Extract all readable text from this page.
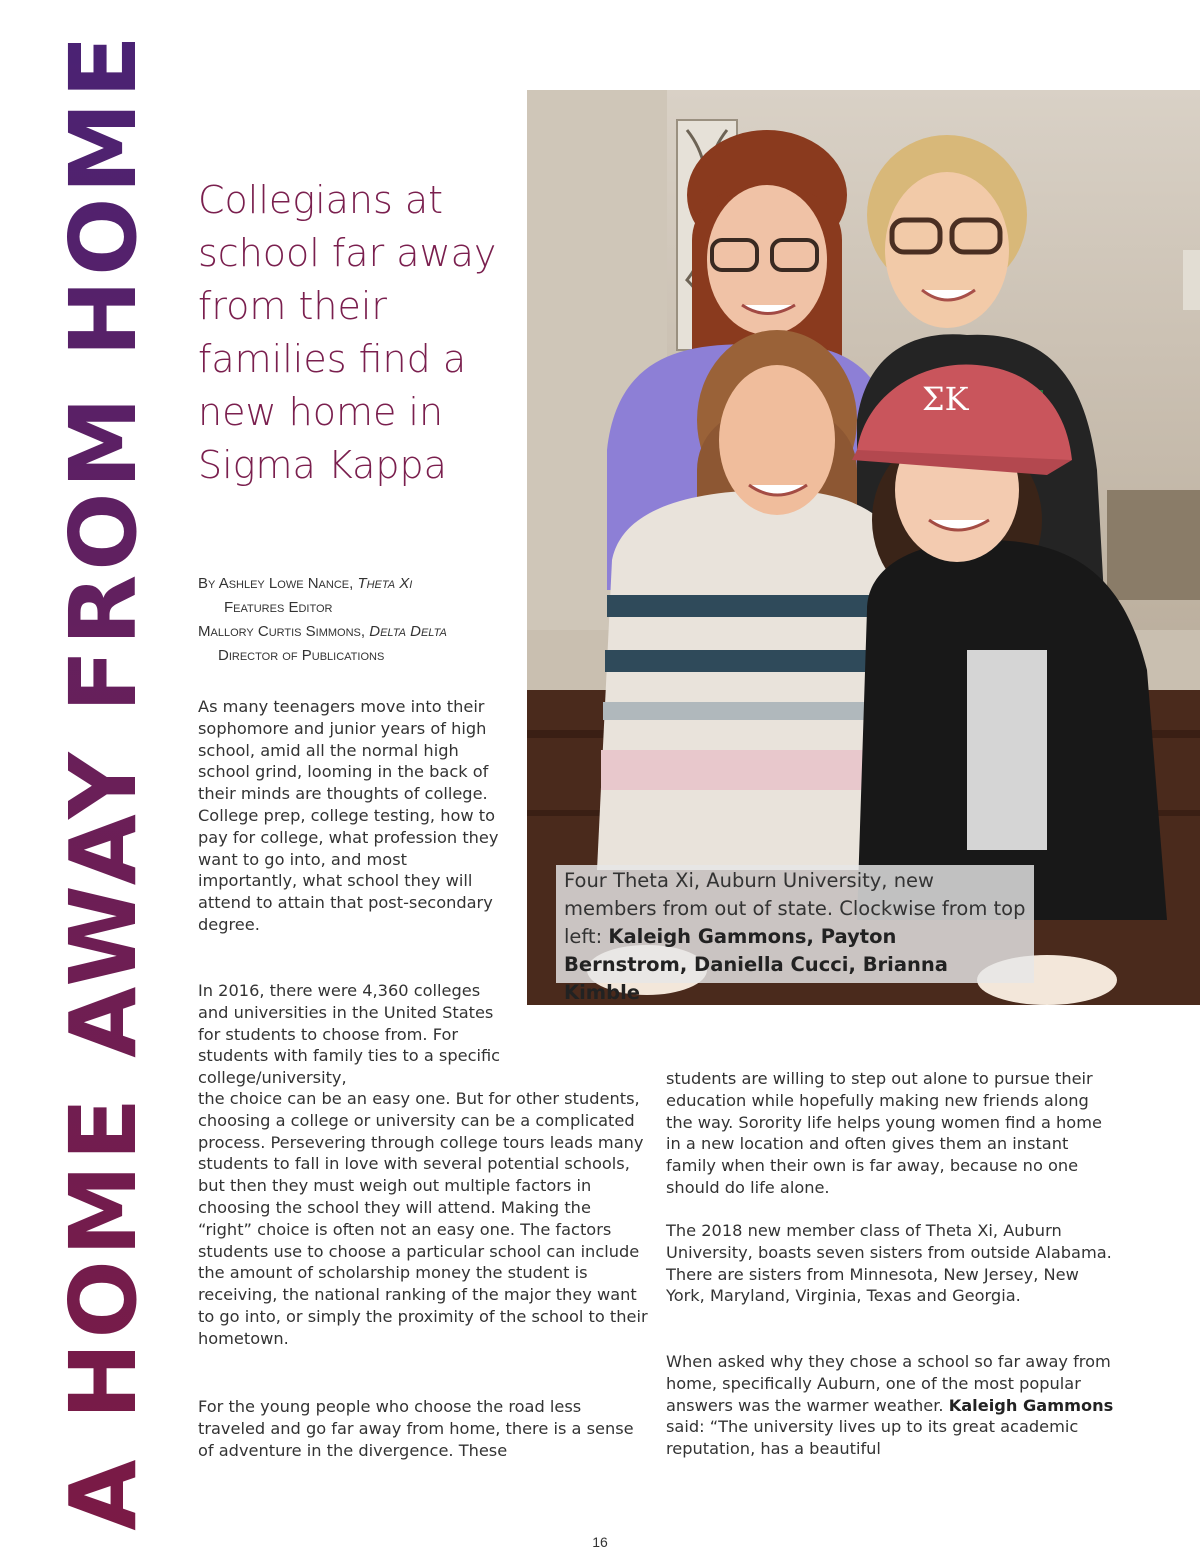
A HOME AWAY FROM HOME Collegians at school far away from their families find a new home in Sigma Kappa
By Ashley Lowe Nance, Theta Xi
Features Editor
Mallory Curtis Simmons, Delta Delta
Director of Publications
ΣΚ
Four Theta Xi, Auburn University, new members from out of state. Clockwise from top left: Kaleigh Gammons, Payton Bernstrom, Daniella Cucci, Brianna Kimble

As many teenagers move into their sophomore and junior years of high school, amid all the normal high school grind, looming in the back of their minds are thoughts of college. College prep, college testing, how to pay for college, what profession they want to go into, and most importantly, what school they will attend to attain that post-secondary degree.

In 2016, there were 4,360 colleges and universities in the United States for students to choose from. For students with family ties to a specific college/university,

the choice can be an easy one. But for other students, choosing a college or university can be a complicated process. Persevering through college tours leads many students to fall in love with several potential schools, but then they must weigh out multiple factors in choosing the school they will attend. Making the “right” choice is often not an easy one. The factors students use to choose a particular school can include the amount of scholarship money the student is receiving, the national ranking of the major they want to go into, or simply the proximity of the school to their hometown.

For the young people who choose the road less traveled and go far away from home, there is a sense of adventure in the divergence. These

students are willing to step out alone to pursue their education while hopefully making new friends along the way. Sorority life helps young women find a home in a new location and often gives them an instant family when their own is far away, because no one should do life alone.

The 2018 new member class of Theta Xi, Auburn University, boasts seven sisters from outside Alabama. There are sisters from Minnesota, New Jersey, New York, Maryland, Virginia, Texas and Georgia.

When asked why they chose a school so far away from home, specifically Auburn, one of the most popular answers was the warmer weather. Kaleigh Gammons said: “The university lives up to its great academic reputation, has a beautiful

16
